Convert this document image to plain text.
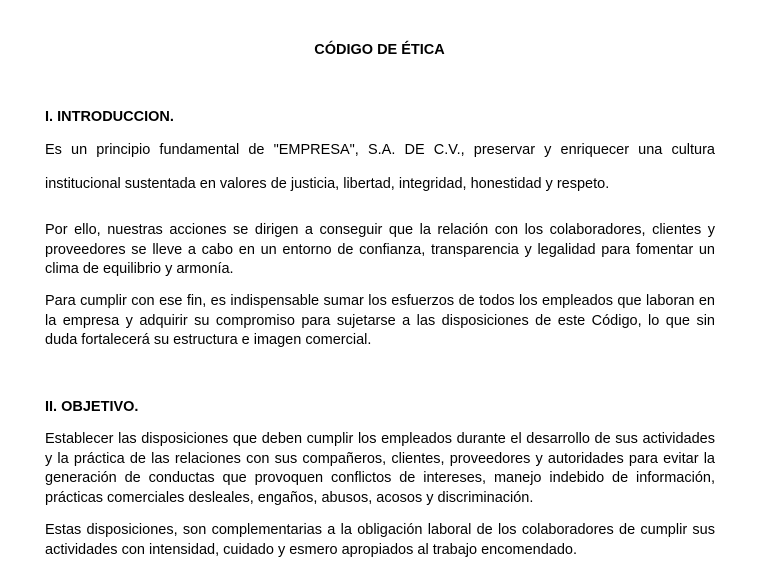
CÓDIGO DE ÉTICA
I. INTRODUCCION.
Es un principio fundamental de "EMPRESA", S.A. DE C.V., preservar y enriquecer una cultura
institucional sustentada en valores de justicia, libertad, integridad, honestidad y respeto.
Por ello, nuestras acciones se dirigen a conseguir que la relación con los colaboradores, clientes y
proveedores se lleve a cabo en un entorno de confianza, transparencia y legalidad para fomentar un
clima de equilibrio y armonía.
Para cumplir con ese fin, es indispensable sumar los esfuerzos de todos los empleados que laboran en
la empresa y adquirir su compromiso para sujetarse a las disposiciones de este Código, lo que sin
duda fortalecerá su estructura e imagen comercial.
II. OBJETIVO.
Establecer las disposiciones que deben cumplir los empleados durante el desarrollo de sus actividades
y la práctica de las relaciones con sus compañeros, clientes, proveedores y autoridades para evitar la
generación de conductas que provoquen conflictos de intereses, manejo indebido de información,
prácticas comerciales desleales, engaños, abusos, acosos y discriminación.
Estas disposiciones, son complementarias a la obligación laboral de los colaboradores de cumplir sus
actividades con intensidad, cuidado y esmero apropiados al trabajo encomendado.
